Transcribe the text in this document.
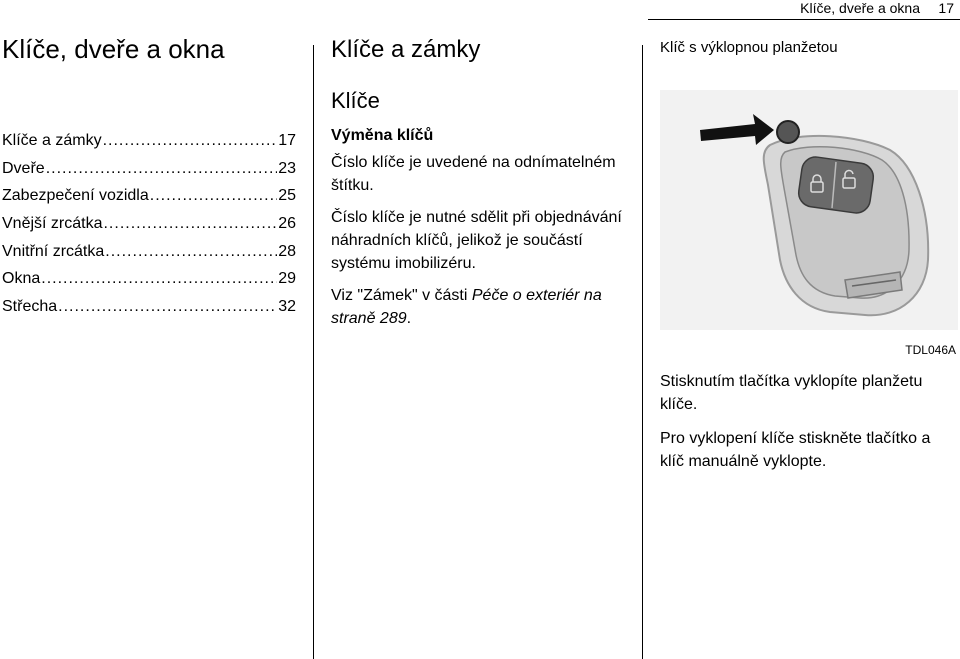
Klíče, dveře a okna 17
Klíče, dveře a okna
Klíče a zámky .....	17
Dveře .....	23
Zabezpečení vozidla .....	25
Vnější zrcátka .....	26
Vnitřní zrcátka .....	28
Okna .....	29
Střecha .....	32
Klíče a zámky
Klíče
Výměna klíčů

Číslo klíče je uvedené na odnímatelném štítku.

Číslo klíče je nutné sdělit při objednávání náhradních klíčů, jelikož je součástí systému imobilizéru.

Viz "Zámek" v části Péče o exteriér na straně 289.

Klíč s výklopnou planžetou

TDL046A

Stisknutím tlačítka vyklopíte planžetu klíče.

Pro vyklopení klíče stiskněte tlačítko a klíč manuálně vyklopte.
